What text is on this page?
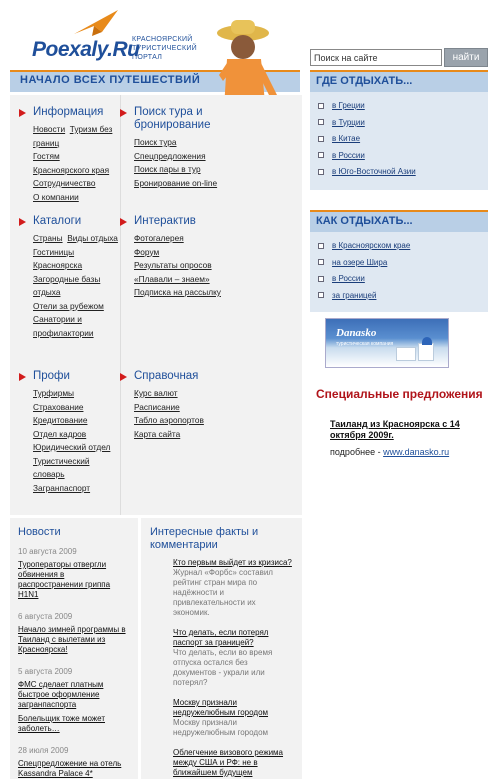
Poexaly.Ru
КРАСНОЯРСКИЙ ТУРИСТИЧЕСКИЙ ПОРТАЛ
НАЧАЛО ВСЕХ ПУТЕШЕСТВИЙ
Поиск на сайте
найти
Информация
Новости Туризм без границ
Гостям Красноярского края
Сотрудничество
О компании
Поиск тура и бронирование
Поиск тура
Спецпредложения
Поиск пары в тур
Бронирование on-line
Каталоги
Страны Виды отдыха
Гостиницы Красноярска
Загородные базы отдыха
Отели за рубежом
Санатории и профилактории
Интерактив
Фотогалерея
Форум
Результаты опросов
«Плавали – знаем»
Подписка на рассылку
Профи
Турфирмы
Страхование
Кредитование
Отдел кадров
Юридический отдел
Туристический словарь
Загранпаспорт
Справочная
Курс валют
Расписание
Табло аэропортов
Карта сайта
ГДЕ ОТДЫХАТЬ...
в Греции
в Турции
в Китае
в России
в Юго-Восточной Азии
КАК ОТДЫХАТЬ...
в Красноярском крае
на озере Шира
в России
за границей
Danasko
туристическая компания
Специальные предложения
Таиланд из Красноярска с 14 октября 2009г.
подробнее - www.danasko.ru
Новости
10 августа 2009
Туроператоры отвергли обвинения в распространении гриппа H1N1
6 августа 2009
Начало зимней программы в Таиланд с вылетами из Красноярска!
5 августа 2009
ФМС сделает платным быстрое оформление загранпаспорта
Болельщик тоже может заболеть…
28 июля 2009
Спецпредложение на отель Kassandra Palace 4*
Интересные факты и комментарии
Кто первым выйдет из кризиса?
Журнал «Форбс» составил рейтинг стран мира по надёжности и привлекательности их экономик.
Что делать, если потерял паспорт за границей?
Что делать, если во время отпуска остался без документов - украли или потерял?
Москву признали недружелюбным городом
Москву признали недружелюбным городом
Облегчение визового режима между США и РФ: не в ближайшем будущем
